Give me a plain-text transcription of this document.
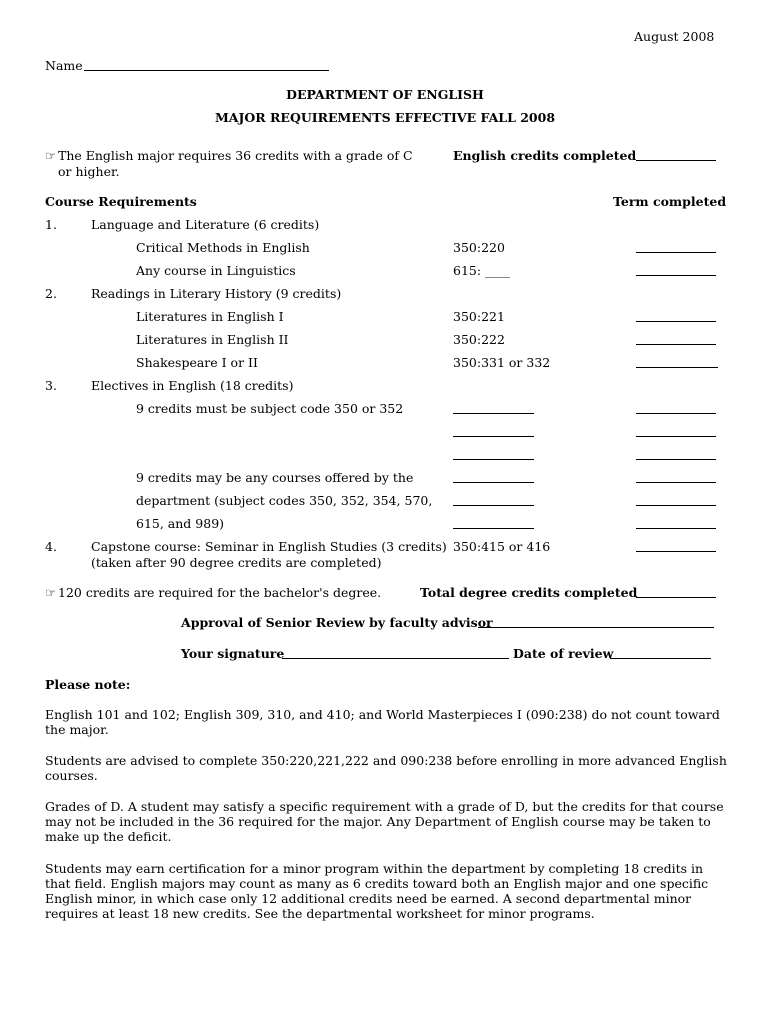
August 2008
Name
DEPARTMENT OF ENGLISH
MAJOR REQUIREMENTS EFFECTIVE FALL 2008
☞ The English major requires 36 credits with a grade of C
or higher.
English credits completed
Course Requirements	Term completed
1.	Language and Literature (6 credits)
Critical Methods in English	350:220
Any course in Linguistics	615: ____
2.	Readings in Literary History (9 credits)
Literatures in English I	350:221
Literatures in English II	350:222
Shakespeare I or II	350:331 or 332
3.	Electives in English (18 credits)
9 credits must be subject code 350 or 352
9 credits may be any courses offered by the
department (subject codes 350, 352, 354, 570,
615, and 989)
4.	Capstone course: Seminar in English Studies (3 credits)
(taken after 90 degree credits are completed)
350:415 or 416
☞ 120 credits are required for the bachelor's degree.	Total degree credits completed
Approval of Senior Review by faculty advisor
Your signature	Date of review
Please note:
English 101 and 102; English 309, 310, and 410; and World Masterpieces I (090:238) do not count toward the major.
Students are advised to complete 350:220,221,222 and 090:238 before enrolling in more advanced English courses.
Grades of D. A student may satisfy a specific requirement with a grade of D, but the credits for that course may not be included in the 36 required for the major. Any Department of English course may be taken to make up the deficit.
Students may earn certification for a minor program within the department by completing 18 credits in that field. English majors may count as many as 6 credits toward both an English major and one specific English minor, in which case only 12 additional credits need be earned. A second departmental minor requires at least 18 new credits. See the departmental worksheet for minor programs.
